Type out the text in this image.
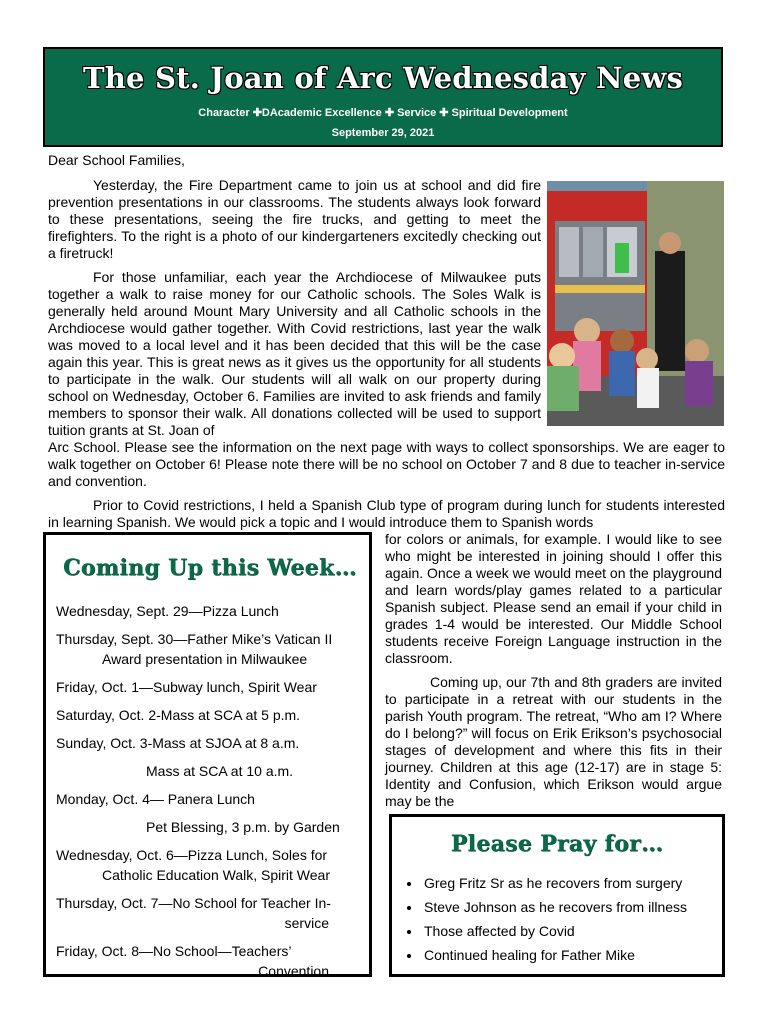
The St. Joan of Arc Wednesday News
Character ✚DAcademic Excellence ✚ Service ✚ Spiritual Development
September 29, 2021
Dear School Families,
Yesterday, the Fire Department came to join us at school and did fire prevention presentations in our classrooms. The students always look forward to these presentations, seeing the fire trucks, and getting to meet the firefighters. To the right is a photo of our kindergarteners excitedly checking out a firetruck!
For those unfamiliar, each year the Archdiocese of Milwaukee puts together a walk to raise money for our Catholic schools. The Soles Walk is generally held around Mount Mary University and all Catholic schools in the Archdiocese would gather together. With Covid restrictions, last year the walk was moved to a local level and it has been decided that this will be the case again this year. This is great news as it gives us the opportunity for all students to participate in the walk. Our students will all walk on our property during school on Wednesday, October 6. Families are invited to ask friends and family members to sponsor their walk. All donations collected will be used to support tuition grants at St. Joan of
Arc School. Please see the information on the next page with ways to collect sponsorships. We are eager to walk together on October 6! Please note there will be no school on October 7 and 8 due to teacher in-service and convention.
Prior to Covid restrictions, I held a Spanish Club type of program during lunch for students interested in learning Spanish. We would pick a topic and I would introduce them to Spanish words
for colors or animals, for example. I would like to see who might be interested in joining should I offer this again. Once a week we would meet on the playground and learn words/play games related to a particular Spanish subject. Please send an email if your child in grades 1-4 would be interested. Our Middle School students receive Foreign Language instruction in the classroom.
Coming up, our 7th and 8th graders are invited to participate in a retreat with our students in the parish Youth program. The retreat, “Who am I? Where do I belong?” will focus on Erik Erikson’s psychosocial stages of development and where this fits in their journey. Children at this age (12-17) are in stage 5: Identity and Confusion, which Erikson would argue may be the
Coming Up this Week…
Wednesday, Sept. 29—Pizza Lunch
Thursday, Sept. 30—Father Mike’s Vatican II
Award presentation in Milwaukee
Friday, Oct. 1—Subway lunch, Spirit Wear
Saturday, Oct. 2-Mass at SCA at 5 p.m.
Sunday, Oct. 3-Mass at SJOA at 8 a.m.
Mass at SCA at 10 a.m.
Monday, Oct. 4— Panera Lunch
Pet Blessing, 3 p.m. by Garden
Wednesday, Oct. 6—Pizza Lunch, Soles for
Catholic Education Walk, Spirit Wear
Thursday, Oct. 7—No School for Teacher In-
service
Friday, Oct. 8—No School—Teachers’
Convention
Please Pray for…
• Greg Fritz Sr as he recovers from surgery
• Steve Johnson as he recovers from illness
• Those affected by Covid
• Continued healing for Father Mike
